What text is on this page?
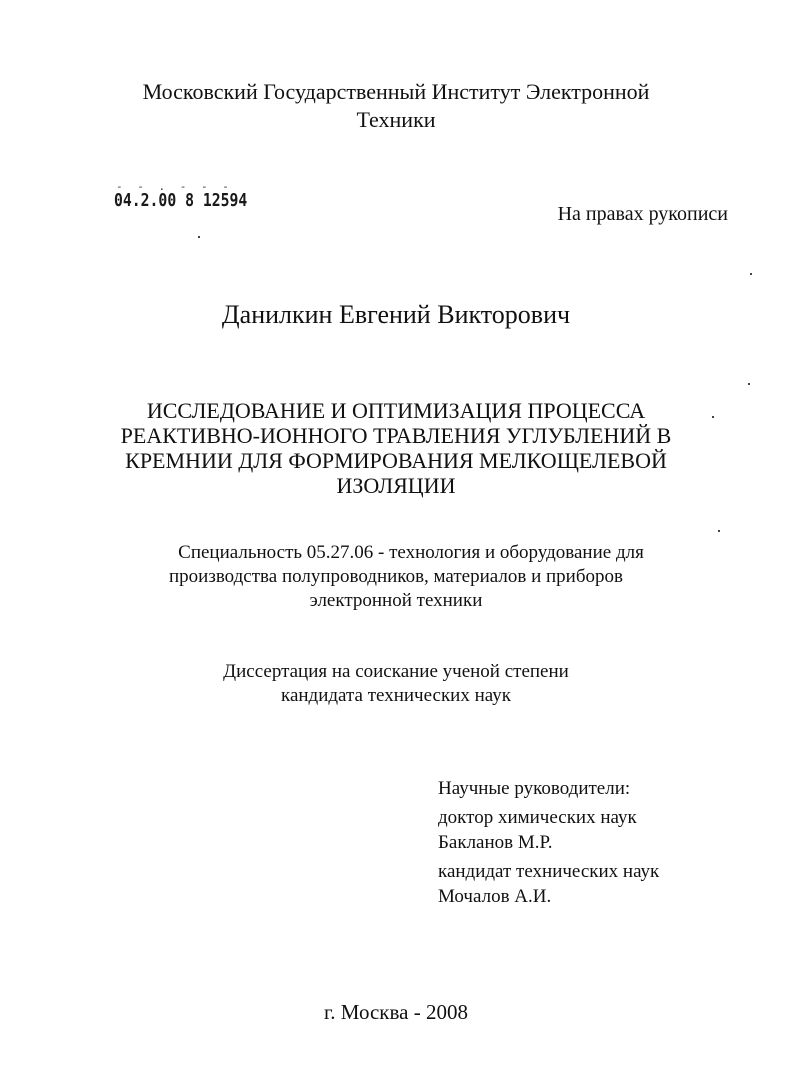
Московский Государственный Институт Электронной
Техники
- - . - - -
04.2.00 8 12594
На правах рукописи
Данилкин Евгений Викторович
ИССЛЕДОВАНИЕ И ОПТИМИЗАЦИЯ ПРОЦЕССА
РЕАКТИВНО-ИОННОГО ТРАВЛЕНИЯ УГЛУБЛЕНИЙ В
КРЕМНИИ ДЛЯ ФОРМИРОВАНИЯ МЕЛКОЩЕЛЕВОЙ
ИЗОЛЯЦИИ
Специальность 05.27.06 - технология и оборудование для
производства полупроводников, материалов и приборов
электронной техники
Диссертация на соискание ученой степени
кандидата технических наук
Научные руководители:
доктор химических наук
Бакланов М.Р.
кандидат технических наук
Мочалов А.И.
г. Москва - 2008
